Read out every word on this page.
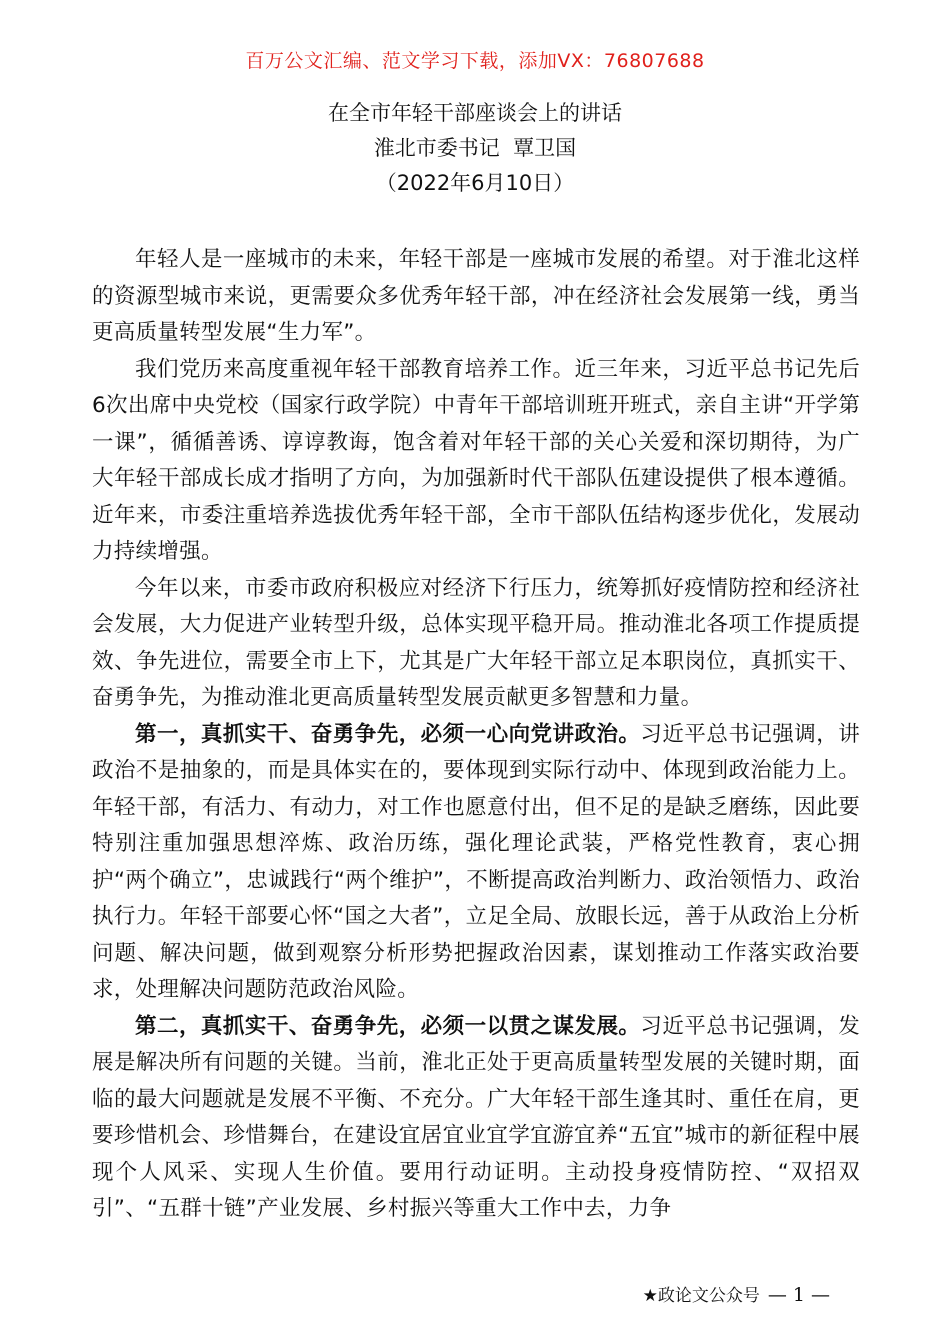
百万公文汇编、范文学习下载，添加VX：76807688
在全市年轻干部座谈会上的讲话
淮北市委书记  覃卫国
（2022年6月10日）

年轻人是一座城市的未来，年轻干部是一座城市发展的希望。对于淮北这样的资源型城市来说，更需要众多优秀年轻干部，冲在经济社会发展第一线，勇当更高质量转型发展“生力军”。

我们党历来高度重视年轻干部教育培养工作。近三年来，习近平总书记先后6次出席中央党校（国家行政学院）中青年干部培训班开班式，亲自主讲“开学第一课”，循循善诱、谆谆教诲，饱含着对年轻干部的关心关爱和深切期待，为广大年轻干部成长成才指明了方向，为加强新时代干部队伍建设提供了根本遵循。近年来，市委注重培养选拔优秀年轻干部，全市干部队伍结构逐步优化，发展动力持续增强。

今年以来，市委市政府积极应对经济下行压力，统筹抓好疫情防控和经济社会发展，大力促进产业转型升级，总体实现平稳开局。推动淮北各项工作提质提效、争先进位，需要全市上下，尤其是广大年轻干部立足本职岗位，真抓实干、奋勇争先，为推动淮北更高质量转型发展贡献更多智慧和力量。

第一，真抓实干、奋勇争先，必须一心向党讲政治。习近平总书记强调，讲政治不是抽象的，而是具体实在的，要体现到实际行动中、体现到政治能力上。年轻干部，有活力、有动力，对工作也愿意付出，但不足的是缺乏磨练，因此要特别注重加强思想淬炼、政治历练，强化理论武装，严格党性教育，衷心拥护“两个确立”，忠诚践行“两个维护”，不断提高政治判断力、政治领悟力、政治执行力。年轻干部要心怀“国之大者”，立足全局、放眼长远，善于从政治上分析问题、解决问题，做到观察分析形势把握政治因素，谋划推动工作落实政治要求，处理解决问题防范政治风险。

第二，真抓实干、奋勇争先，必须一以贯之谋发展。习近平总书记强调，发展是解决所有问题的关键。当前，淮北正处于更高质量转型发展的关键时期，面临的最大问题就是发展不平衡、不充分。广大年轻干部生逢其时、重任在肩，更要珍惜机会、珍惜舞台，在建设宜居宜业宜学宜游宜养“五宜”城市的新征程中展现个人风采、实现人生价值。要用行动证明。主动投身疫情防控、“双招双引”、“五群十链”产业发展、乡村振兴等重大工作中去，力争

★政论文公众号 — 1 —
